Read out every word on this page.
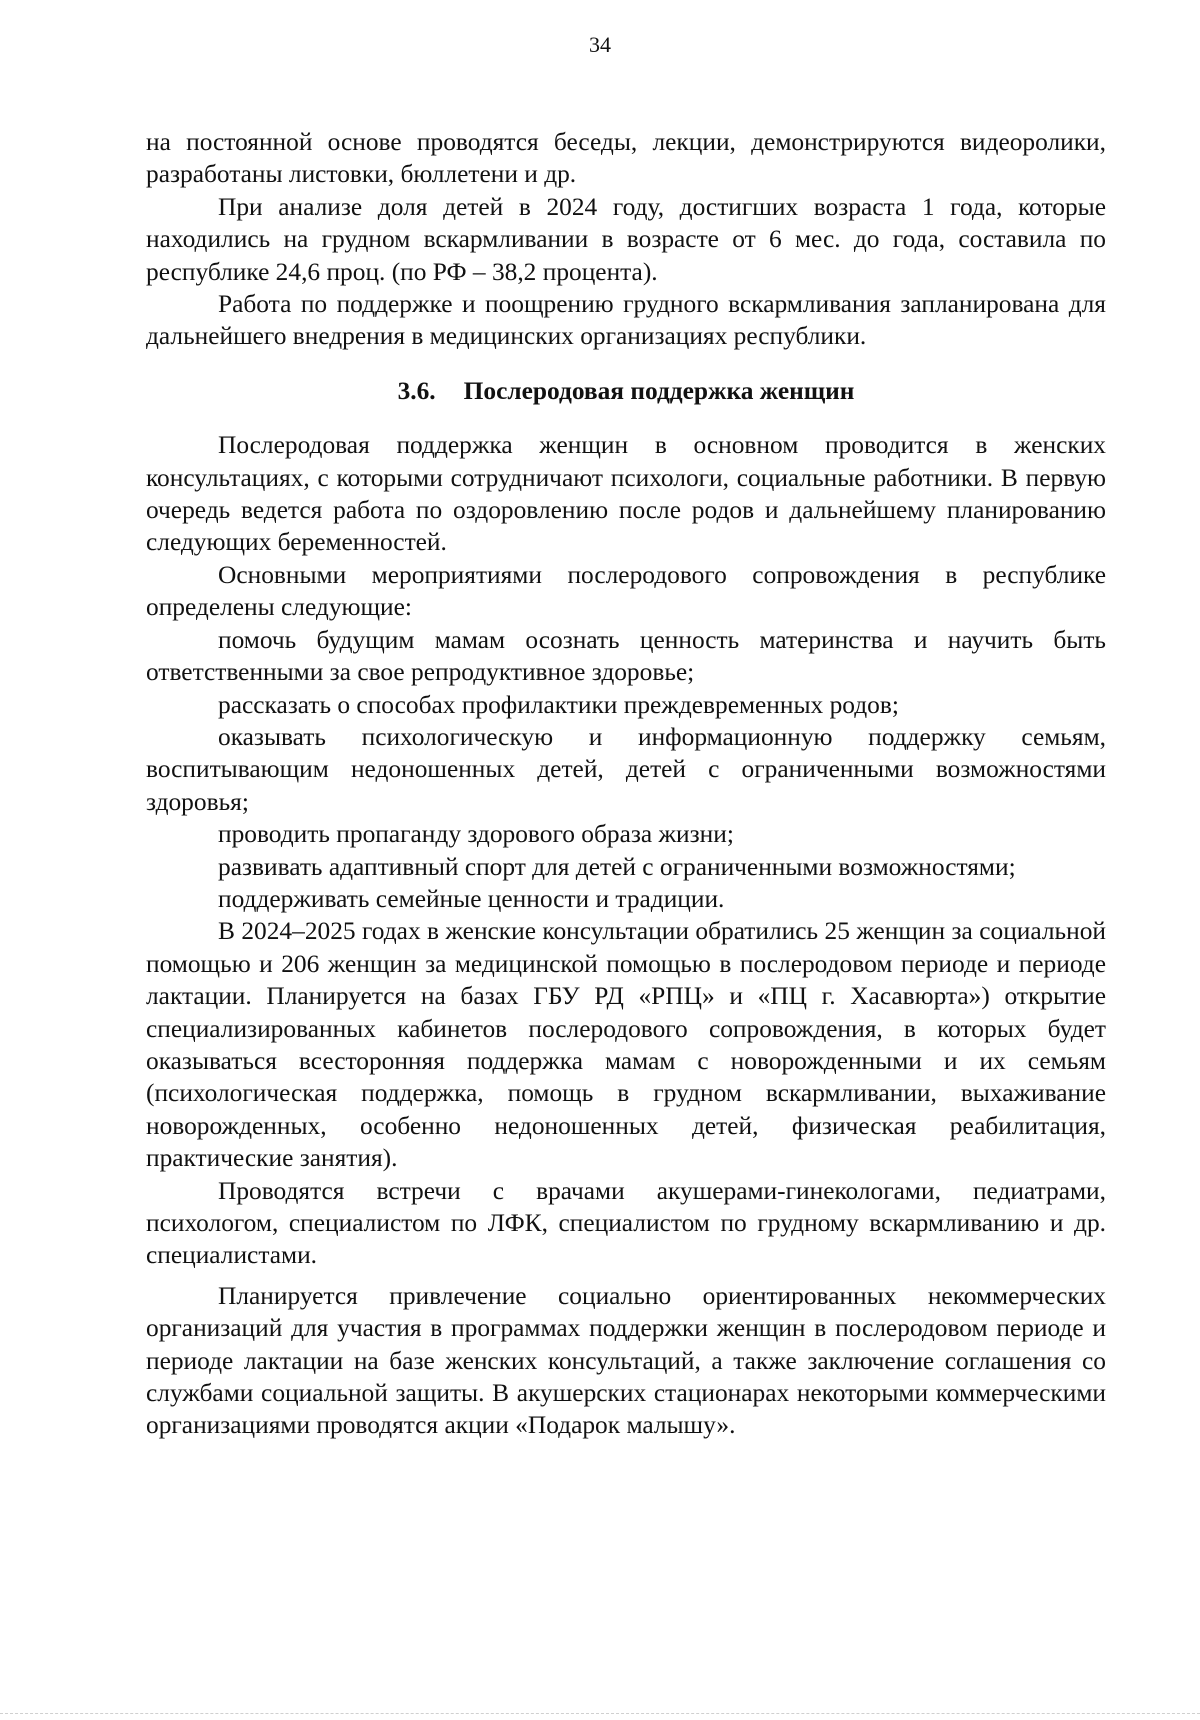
34

на постоянной основе проводятся беседы, лекции, демонстрируются видеоролики, разработаны листовки, бюллетени и др.

При анализе доля детей в 2024 году, достигших возраста 1 года, которые находились на грудном вскармливании в возрасте от 6 мес. до года, составила по республике 24,6 проц. (по РФ – 38,2 процента).

Работа по поддержке и поощрению грудного вскармливания запланирована для дальнейшего внедрения в медицинских организациях республики.

3.6. Послеродовая поддержка женщин

Послеродовая поддержка женщин в основном проводится в женских консультациях, с которыми сотрудничают психологи, социальные работники. В первую очередь ведется работа по оздоровлению после родов и дальнейшему планированию следующих беременностей.

Основными мероприятиями послеродового сопровождения в республике определены следующие:

помочь будущим мамам осознать ценность материнства и научить быть ответственными за свое репродуктивное здоровье;

рассказать о способах профилактики преждевременных родов;

оказывать психологическую и информационную поддержку семьям, воспитывающим недоношенных детей, детей с ограниченными возможностями здоровья;

проводить пропаганду здорового образа жизни;

развивать адаптивный спорт для детей с ограниченными возможностями;

поддерживать семейные ценности и традиции.

В 2024–2025 годах в женские консультации обратились 25 женщин за социальной помощью и 206 женщин за медицинской помощью в послеродовом периоде и периоде лактации. Планируется на базах ГБУ РД «РПЦ» и «ПЦ г. Хасавюрта») открытие специализированных кабинетов послеродового сопровождения, в которых будет оказываться всесторонняя поддержка мамам с новорожденными и их семьям (психологическая поддержка, помощь в грудном вскармливании, выхаживание новорожденных, особенно недоношенных детей, физическая реабилитация, практические занятия).

Проводятся встречи с врачами акушерами-гинекологами, педиатрами, психологом, специалистом по ЛФК, специалистом по грудному вскармливанию и др. специалистами.

Планируется привлечение социально ориентированных некоммерческих организаций для участия в программах поддержки женщин в послеродовом периоде и периоде лактации на базе женских консультаций, а также заключение соглашения со службами социальной защиты. В акушерских стационарах некоторыми коммерческими организациями проводятся акции «Подарок малышу».
